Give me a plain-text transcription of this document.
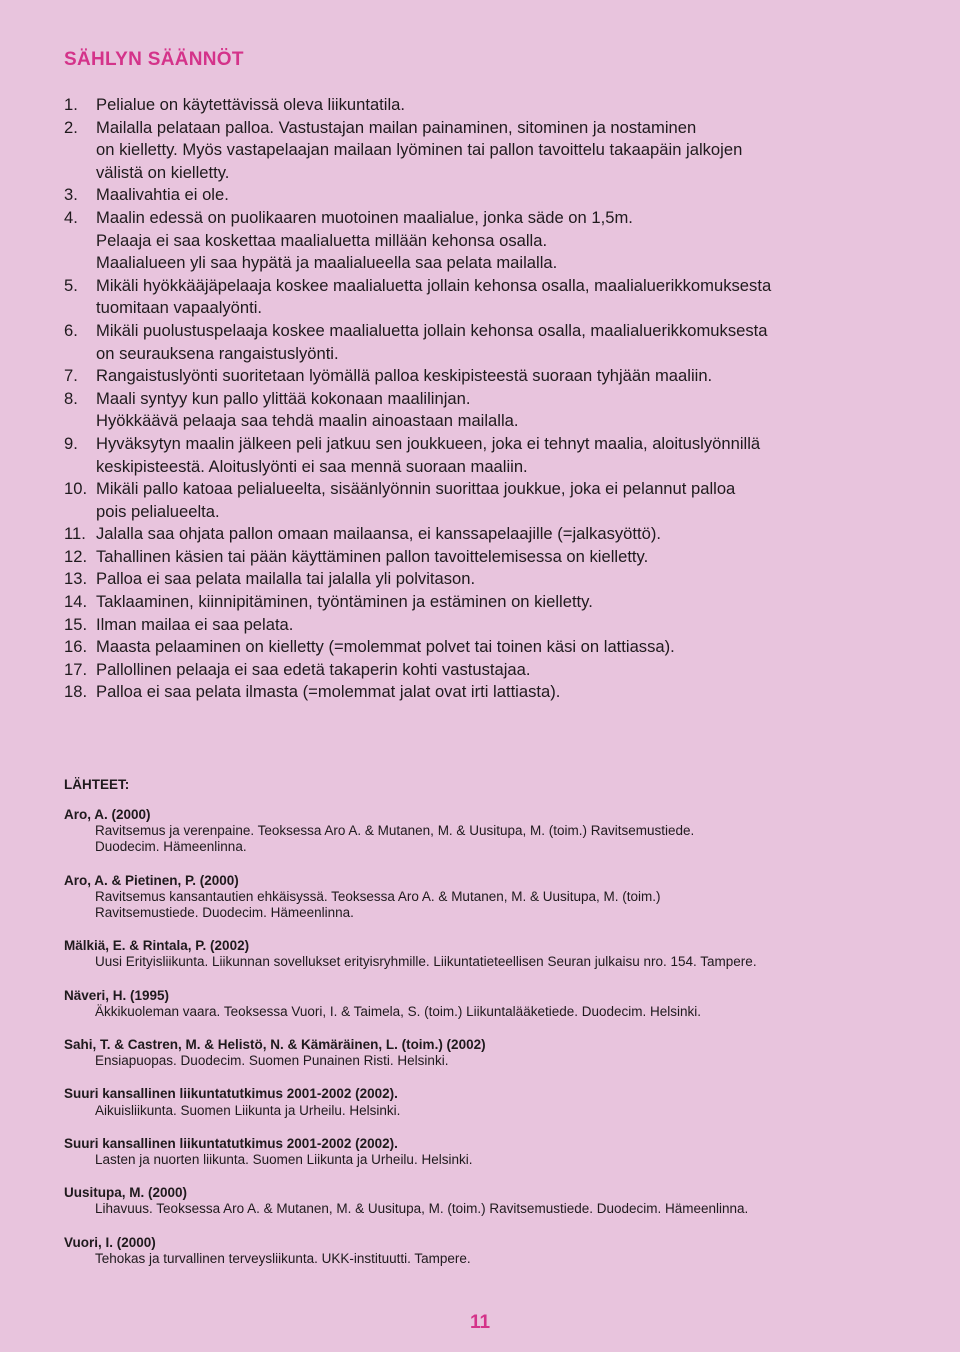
SÄHLYN SÄÄNNÖT
1.	Pelialue on käytettävissä oleva liikuntatila.
2.	Mailalla pelataan palloa. Vastustajan mailan painaminen, sitominen ja nostaminen
on kielletty. Myös vastapelaajan mailaan lyöminen tai pallon tavoittelu takaapäin jalkojen
välistä on kielletty.
3.	Maalivahtia ei ole.
4.	Maalin edessä on puolikaaren muotoinen maalialue, jonka säde on 1,5m.
Pelaaja ei saa koskettaa maalialuetta millään kehonsa osalla.
Maalialueen yli saa hypätä ja maalialueella saa pelata mailalla.
5.	Mikäli hyökkääjäpelaaja koskee maalialuetta jollain kehonsa osalla, maalialuerikkomuksesta
tuomitaan vapaalyönti.
6.	Mikäli puolustuspelaaja koskee maalialuetta jollain kehonsa osalla, maalialuerikkomuksesta
on seurauksena rangaistuslyönti.
7.	Rangaistuslyönti suoritetaan lyömällä palloa keskipisteestä suoraan tyhjään maaliin.
8.	Maali syntyy kun pallo ylittää kokonaan maalilinjan.
Hyökkäävä pelaaja saa tehdä maalin ainoastaan mailalla.
9.	Hyväksytyn maalin jälkeen peli jatkuu sen joukkueen, joka ei tehnyt maalia, aloituslyönnillä
keskipisteestä. Aloituslyönti ei saa mennä suoraan maaliin.
10. Mikäli pallo katoaa pelialueelta, sisäänlyönnin suorittaa joukkue, joka ei pelannut palloa
pois pelialueelta.
11. Jalalla saa ohjata pallon omaan mailaansa, ei kanssapelaajille (=jalkasyöttö).
12. Tahallinen käsien tai pään käyttäminen pallon tavoittelemisessa on kielletty.
13. Palloa ei saa pelata mailalla tai jalalla yli polvitason.
14. Taklaaminen, kiinnipitäminen, työntäminen ja estäminen on kielletty.
15. Ilman mailaa ei saa pelata.
16. Maasta pelaaminen on kielletty (=molemmat polvet tai toinen käsi on lattiassa).
17. Pallollinen pelaaja ei saa edetä takaperin kohti vastustajaa.
18. Palloa ei saa pelata ilmasta (=molemmat jalat ovat irti lattiasta).
LÄHTEET:
Aro, A. (2000)
Ravitsemus ja verenpaine. Teoksessa Aro A. & Mutanen, M. & Uusitupa, M. (toim.) Ravitsemustiede.
Duodecim. Hämeenlinna.
Aro, A. & Pietinen, P. (2000)
Ravitsemus kansantautien ehkäisyssä. Teoksessa Aro A. & Mutanen, M. & Uusitupa, M. (toim.)
Ravitsemustiede. Duodecim. Hämeenlinna.
Mälkiä, E. & Rintala, P. (2002)
Uusi Erityisliikunta. Liikunnan sovellukset erityisryhmille. Liikuntatieteellisen Seuran julkaisu nro. 154. Tampere.
Näveri, H. (1995)
Äkkikuoleman vaara. Teoksessa Vuori, I. & Taimela, S. (toim.) Liikuntalääketiede. Duodecim. Helsinki.
Sahi, T. & Castren, M. & Helistö, N. & Kämäräinen, L. (toim.) (2002)
Ensiapuopas. Duodecim. Suomen Punainen Risti. Helsinki.
Suuri kansallinen liikuntatutkimus 2001-2002 (2002).
Aikuisliikunta. Suomen Liikunta ja Urheilu. Helsinki.
Suuri kansallinen liikuntatutkimus 2001-2002 (2002).
Lasten ja nuorten liikunta. Suomen Liikunta ja Urheilu. Helsinki.
Uusitupa, M. (2000)
Lihavuus. Teoksessa Aro A. & Mutanen, M. & Uusitupa, M. (toim.) Ravitsemustiede. Duodecim. Hämeenlinna.
Vuori, I. (2000)
Tehokas ja turvallinen terveysliikunta. UKK-instituutti. Tampere.
11
